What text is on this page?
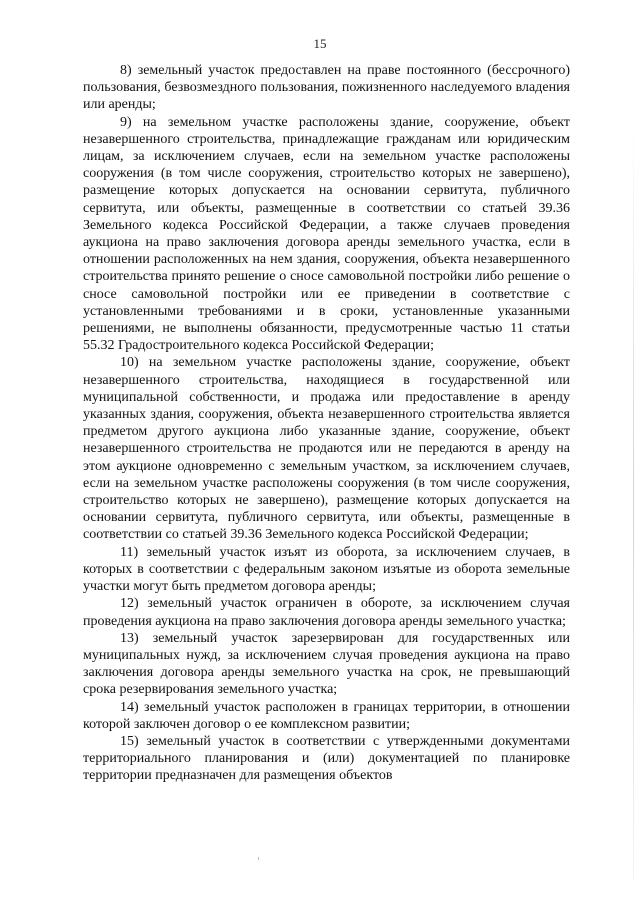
15

8) земельный участок предоставлен на праве постоянного (бессрочного) пользования, безвозмездного пользования, пожизненного наследуемого владения или аренды;

9) на земельном участке расположены здание, сооружение, объект незавершенного строительства, принадлежащие гражданам или юридическим лицам, за исключением случаев, если на земельном участке расположены сооружения (в том числе сооружения, строительство которых не завершено), размещение которых допускается на основании сервитута, публичного сервитута, или объекты, размещенные в соответствии со статьей 39.36 Земельного кодекса Российской Федерации, а также случаев проведения аукциона на право заключения договора аренды земельного участка, если в отношении расположенных на нем здания, сооружения, объекта незавершенного строительства принято решение о сносе самовольной постройки либо решение о сносе самовольной постройки или ее приведении в соответствие с установленными требованиями и в сроки, установленные указанными решениями, не выполнены обязанности, предусмотренные частью 11 статьи 55.32 Градостроительного кодекса Российской Федерации;

10) на земельном участке расположены здание, сооружение, объект незавершенного строительства, находящиеся в государственной или муниципальной собственности, и продажа или предоставление в аренду указанных здания, сооружения, объекта незавершенного строительства является предметом другого аукциона либо указанные здание, сооружение, объект незавершенного строительства не продаются или не передаются в аренду на этом аукционе одновременно с земельным участком, за исключением случаев, если на земельном участке расположены сооружения (в том числе сооружения, строительство которых не завершено), размещение которых допускается на основании сервитута, публичного сервитута, или объекты, размещенные в соответствии со статьей 39.36 Земельного кодекса Российской Федерации;

11) земельный участок изъят из оборота, за исключением случаев, в которых в соответствии с федеральным законом изъятые из оборота земельные участки могут быть предметом договора аренды;

12) земельный участок ограничен в обороте, за исключением случая проведения аукциона на право заключения договора аренды земельного участка;

13) земельный участок зарезервирован для государственных или муниципальных нужд, за исключением случая проведения аукциона на право заключения договора аренды земельного участка на срок, не превышающий срока резервирования земельного участка;

14) земельный участок расположен в границах территории, в отношении которой заключен договор о ее комплексном развитии;

15) земельный участок в соответствии с утвержденными документами территориального планирования и (или) документацией по планировке территории предназначен для размещения объектов
